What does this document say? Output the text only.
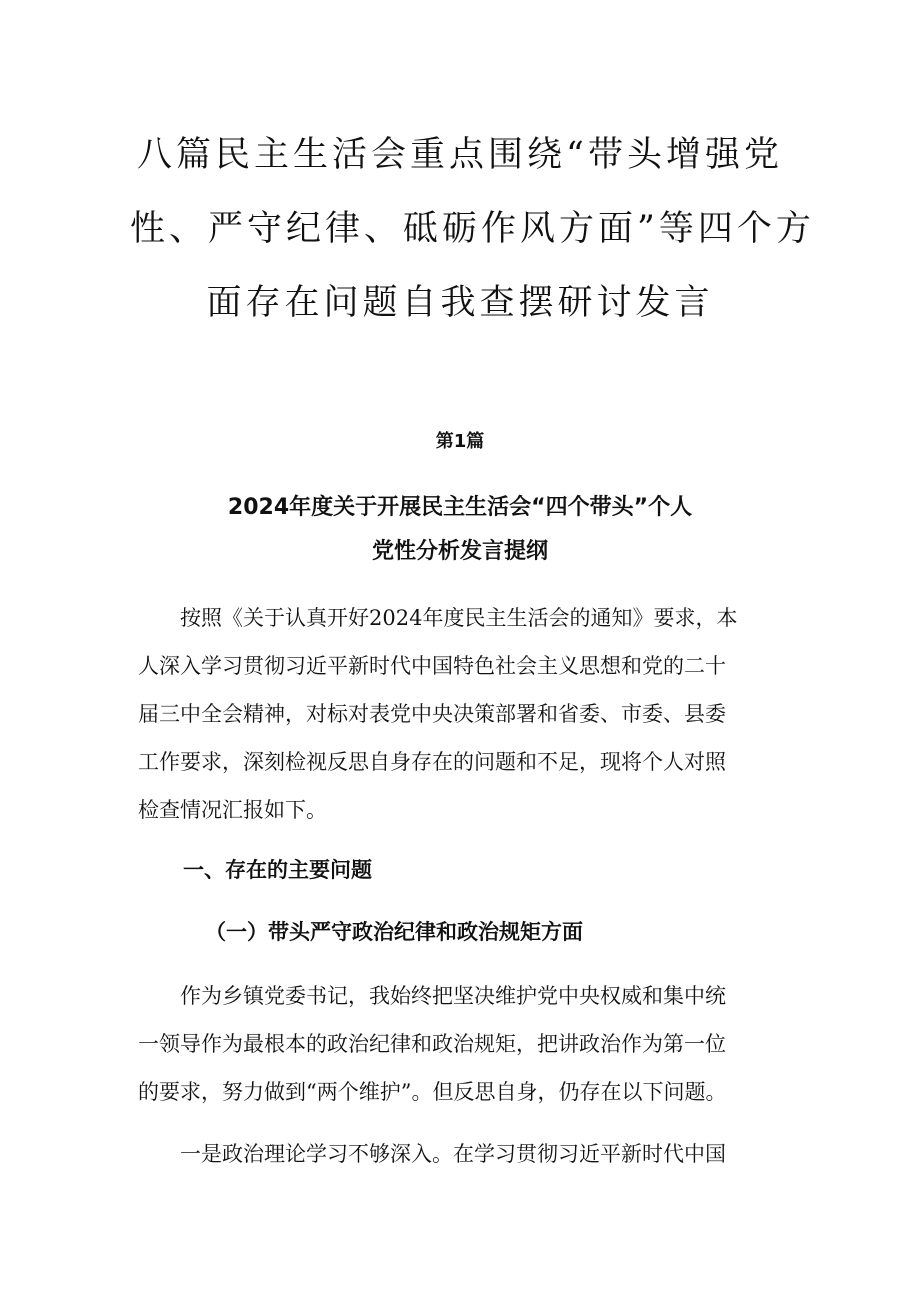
八篇民主生活会重点围绕“带头增强党
性、严守纪律、砥砺作风方面”等四个方
面存在问题自我查摆研讨发言
第1篇
2024年度关于开展民主生活会“四个带头”个人
党性分析发言提纲

　　按照《关于认真开好2024年度民主生活会的通知》要求，本
人深入学习贯彻习近平新时代中国特色社会主义思想和党的二十
届三中全会精神，对标对表党中央决策部署和省委、市委、县委
工作要求，深刻检视反思自身存在的问题和不足，现将个人对照
检查情况汇报如下。

一、存在的主要问题
（一）带头严守政治纪律和政治规矩方面

　　作为乡镇党委书记，我始终把坚决维护党中央权威和集中统
一领导作为最根本的政治纪律和政治规矩，把讲政治作为第一位
的要求，努力做到“两个维护”。但反思自身，仍存在以下问题。

　　一是政治理论学习不够深入。在学习贯彻习近平新时代中国
